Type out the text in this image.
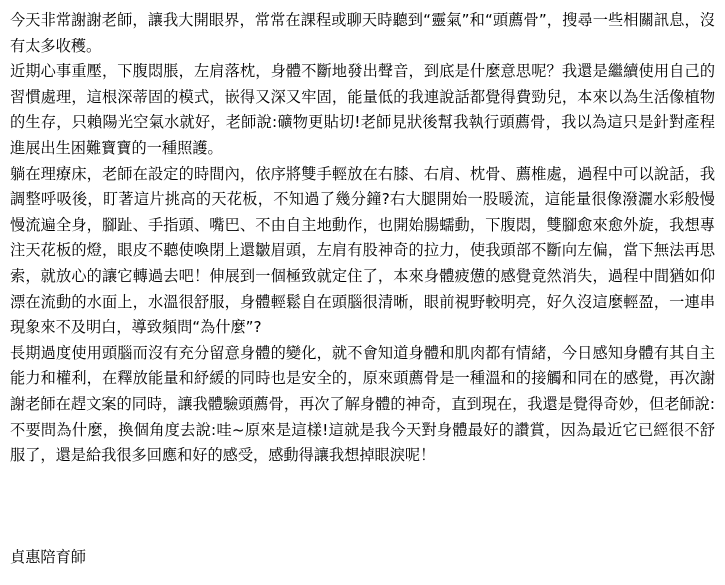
今天非常謝謝老師，讓我大開眼界，常常在課程或聊天時聽到“靈氣”和“頭薦骨”，搜尋一些相關訊息，沒有太多收穫。

近期心事重壓，下腹悶脹，左肩落枕，身體不斷地發出聲音，到底是什麼意思呢？我還是繼續使用自己的習慣處理，這根深蒂固的模式，嵌得又深又牢固，能量低的我連說話都覺得費勁兒，本來以為生活像植物的生存，只賴陽光空氣水就好，老師說:礦物更貼切!老師見狀後幫我執行頭薦骨，我以為這只是針對產程進展出生困難寶寶的一種照護。

躺在理療床，老師在設定的時間內，依序將雙手輕放在右膝、右肩、枕骨、薦椎處，過程中可以說話，我調整呼吸後，盯著這片挑高的天花板，不知過了幾分鐘?右大腿開始一股暖流，這能量很像潑灑水彩般慢慢流遍全身，腳趾、手指頭、嘴巴、不由自主地動作，也開始腸蠕動，下腹悶，雙腳愈來愈外旋，我想專注天花板的燈，眼皮不聽使喚閉上還皺眉頭，左肩有股神奇的拉力，使我頭部不斷向左偏，當下無法再思索，就放心的讓它轉過去吧！伸展到一個極致就定住了，本來身體疲憊的感覺竟然消失，過程中間猶如仰漂在流動的水面上，水溫很舒服，身體輕鬆自在頭腦很清晰，眼前視野較明亮，好久沒這麼輕盈，一連串現象來不及明白，導致頻問“為什麼”?

長期過度使用頭腦而沒有充分留意身體的變化，就不會知道身體和肌肉都有情緒，今日感知身體有其自主能力和權利，在釋放能量和紓緩的同時也是安全的，原來頭薦骨是一種溫和的接觸和同在的感覺，再次謝謝老師在趕文案的同時，讓我體驗頭薦骨，再次了解身體的神奇，直到現在，我還是覺得奇妙，但老師說:不要問為什麼，換個角度去說:哇~原來是這樣!這就是我今天對身體最好的讚賞，因為最近它已經很不舒服了，還是給我很多回應和好的感受，感動得讓我想掉眼淚呢！

貞惠陪育師
